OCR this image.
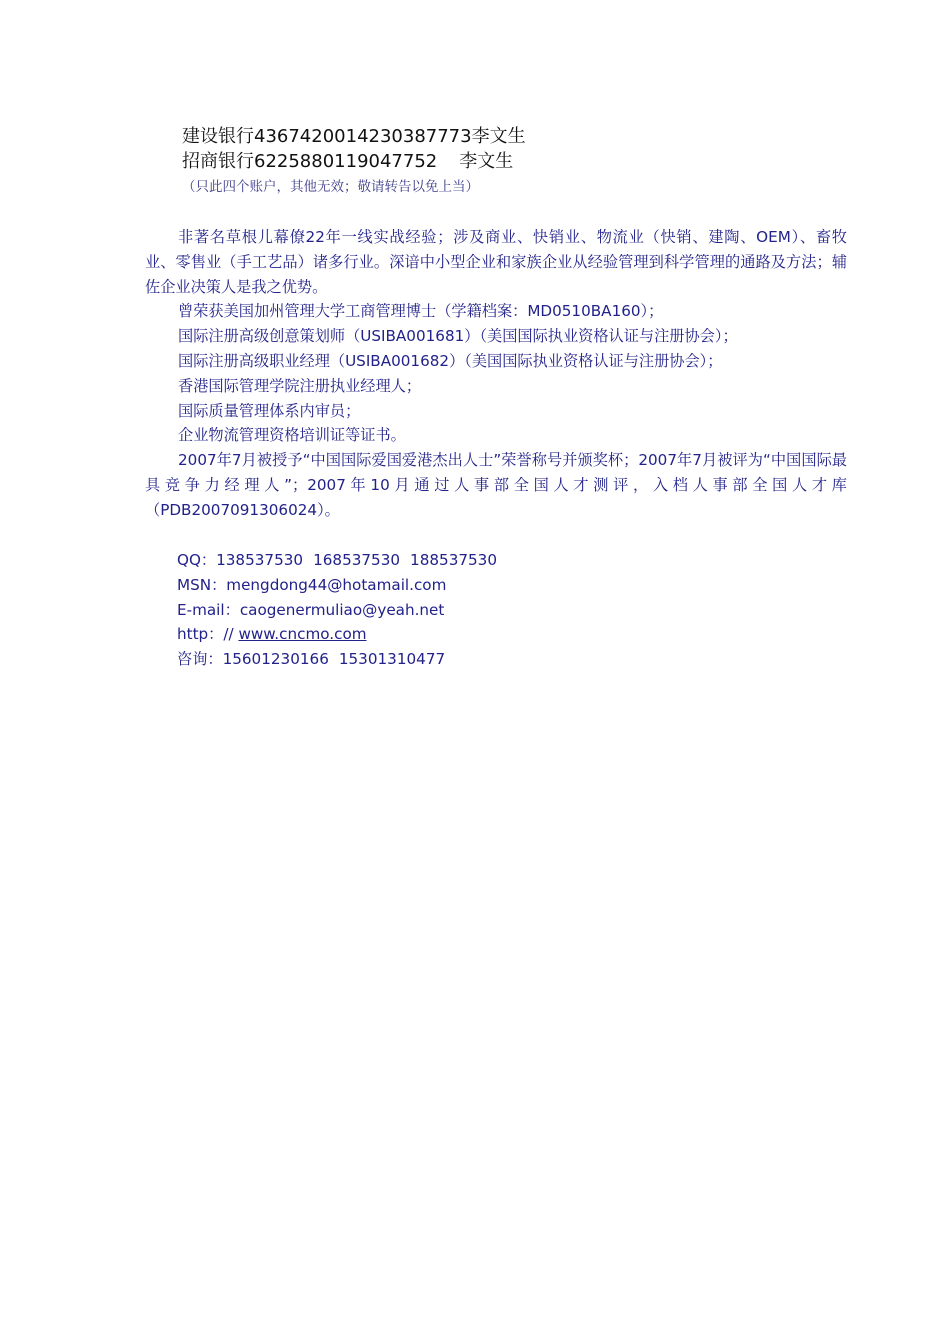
建设银行4367420014230387773李文生
招商银行6225880119047752 李文生
（只此四个账户，其他无效；敬请转告以免上当）

非著名草根儿幕僚22年一线实战经验；涉及商业、快销业、物流业（快销、建陶、OEM）、畜牧业、零售业（手工艺品）诸多行业。深谙中小型企业和家族企业从经验管理到科学管理的通路及方法；辅佐企业决策人是我之优势。

曾荣获美国加州管理大学工商管理博士（学籍档案：MD0510BA160）；

国际注册高级创意策划师（USIBA001681）（美国国际执业资格认证与注册协会）；

国际注册高级职业经理（USIBA001682）（美国国际执业资格认证与注册协会）；

香港国际管理学院注册执业经理人；

国际质量管理体系内审员；

企业物流管理资格培训证等证书。

2007年7月被授予“中国国际爱国爱港杰出人士”荣誉称号并颁奖杯；2007年7月被评为“中国国际最具竞争力经理人”；2007年10月通过人事部全国人才测评，入档人事部全国人才库（PDB2007091306024）。

QQ：138537530 168537530 188537530
MSN：mengdong44@hotamail.com
E-mail：caogenermuliao@yeah.net
http：// www.cncmo.com
咨询：15601230166 15301310477
